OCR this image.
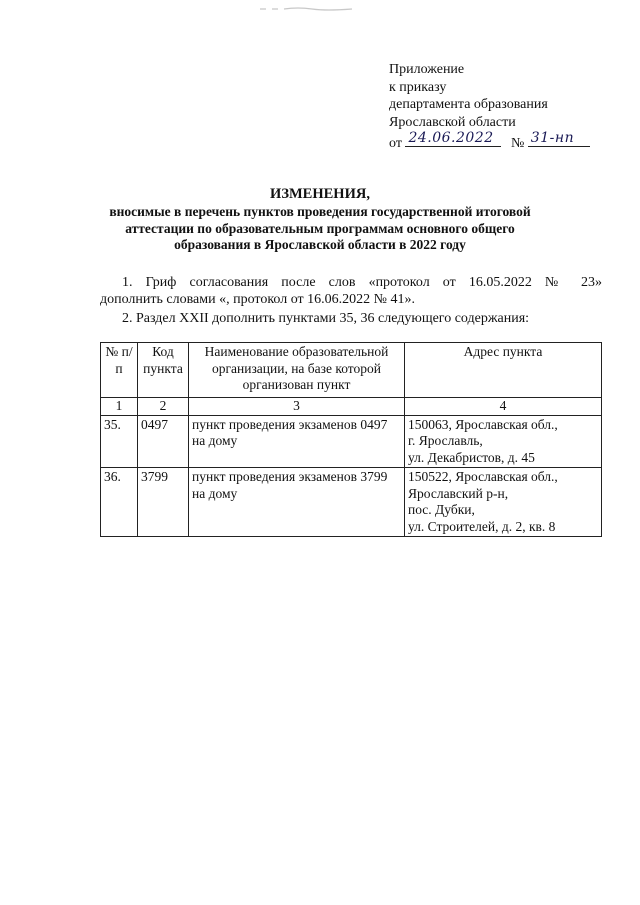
Приложение
к приказу
департамента образования
Ярославской области
от 24.06.2022 № 31-нп
ИЗМЕНЕНИЯ,
вносимые в перечень пунктов проведения государственной итоговой
аттестации по образовательным программам основного общего
образования в Ярославской области в 2022 году
1. Гриф согласования после слов «протокол от 16.05.2022 № 23»
дополнить словами «, протокол от 16.06.2022 № 41».
2. Раздел XXII дополнить пунктами 35, 36 следующего содержания:
№ п/п	Код пункта	Наименование образовательной организации, на базе которой организован пункт	Адрес пункта
1	2	3	4
35.	0497	пункт проведения экзаменов 0497 на дому	150063, Ярославская обл.,
г. Ярославль,
ул. Декабристов, д. 45

36.	3799	пункт проведения экзаменов 3799 на дому	150522, Ярославская обл.,
Ярославский р-н,
пос. Дубки,
ул. Строителей, д. 2, кв. 8
